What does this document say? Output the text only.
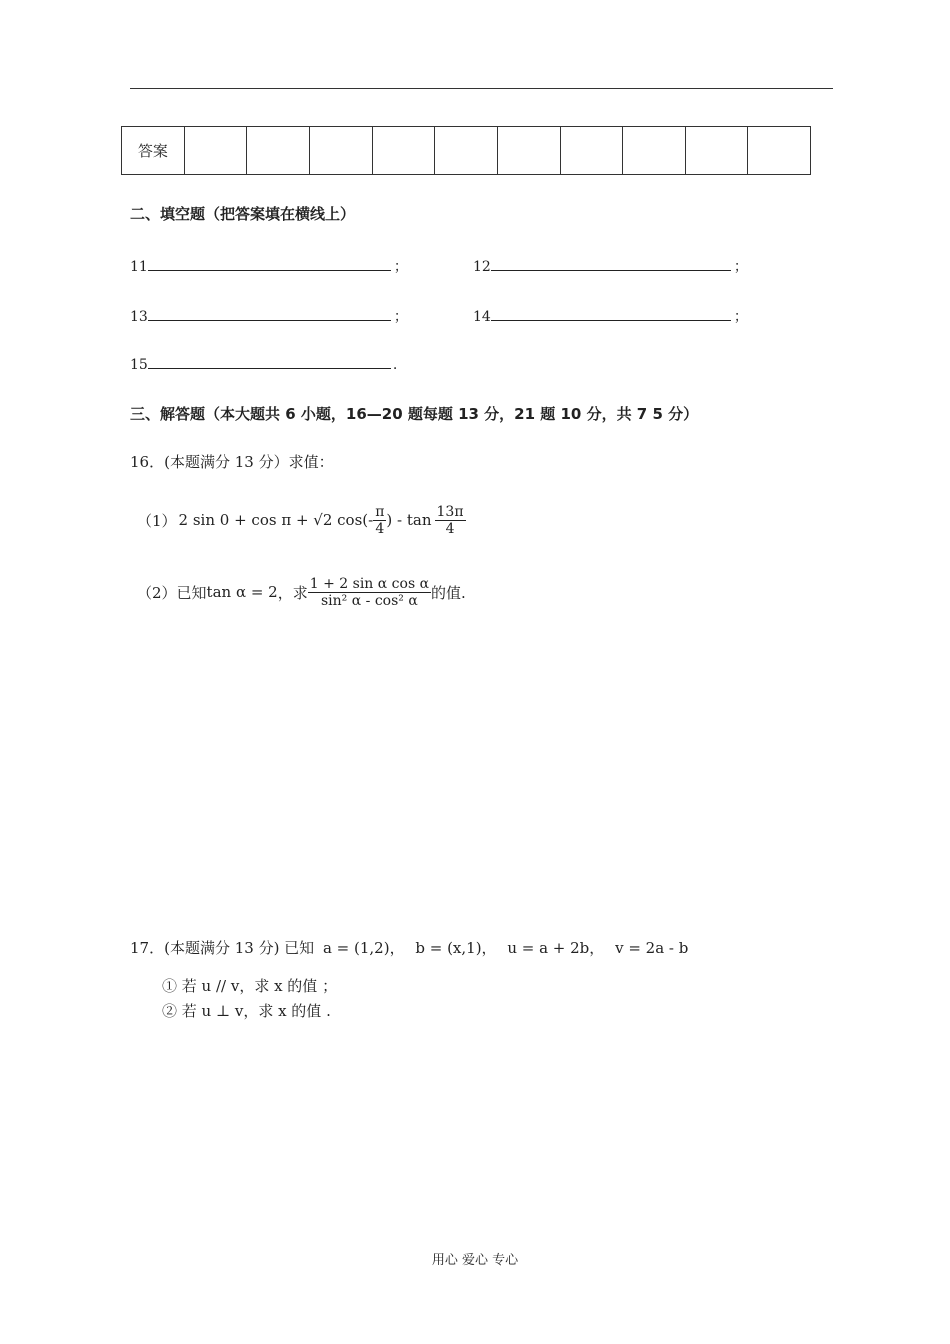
答案										
二、填空题（把答案填在横线上）
11	；	12	；
13	；	14	；
15	.
三、解答题（本大题共 6 小题，16—20 题每题 13 分，21 题 10 分，共 7 5 分）
16．(本题满分 13 分）求值：
（1） 2 sin 0 + cos π + √2 $\cos(- \frac{\pi}{4}$ ) - $\tan \frac{13\pi}{4}$
（2）已知 tan α = 2 ，求 $\frac{\text{1 + 2 sin α cos α}}{\text{sin² α - cos² α}}$ 的值.
17．(本题满分 13 分) 已知 a = (1,2)， b = (x,1)， u = a + 2b， v = 2a - b
① 若 u // v，求 x 的值 ；
② 若 u ⊥ v，求 x 的值 .
用心 爱心 专心
